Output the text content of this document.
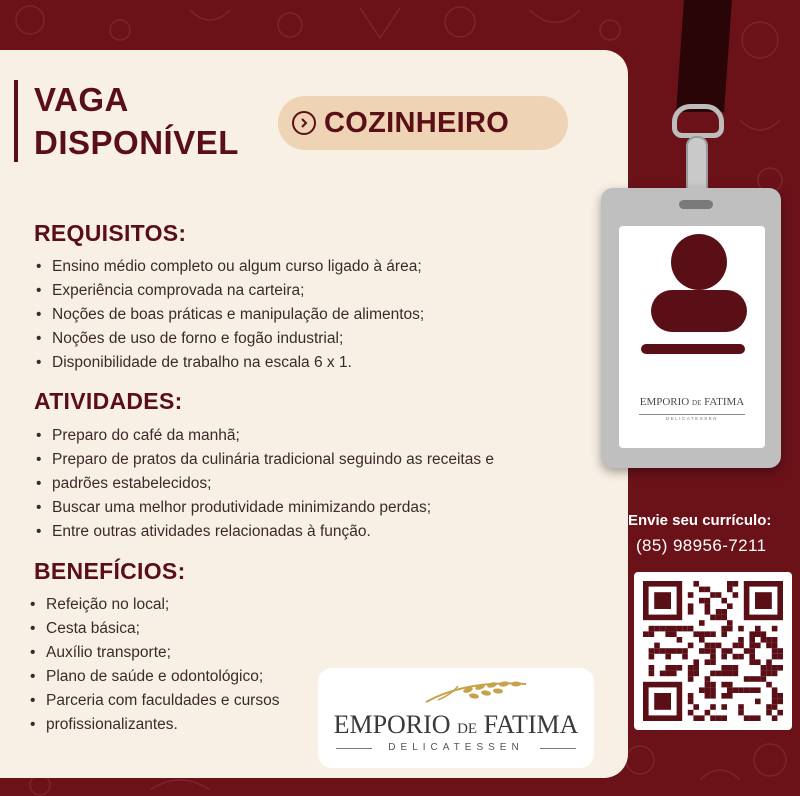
VAGA
DISPONÍVEL
COZINHEIRO
REQUISITOS:
• Ensino médio completo ou algum curso ligado à área;
• Experiência comprovada na carteira;
• Noções de boas práticas e manipulação de alimentos;
• Noções de uso de forno e fogão industrial;
• Disponibilidade de trabalho na escala 6 x 1.
ATIVIDADES:
• Preparo do café da manhã;
• Preparo de pratos da culinária tradicional seguindo as receitas e
• padrões estabelecidos;
• Buscar uma melhor produtividade minimizando perdas;
• Entre outras atividades relacionadas à função.
BENEFÍCIOS:
• Refeição no local;
• Cesta básica;
• Auxílio transporte;
• Plano de saúde e odontológico;
• Parceria com faculdades e cursos
• profissionalizantes.
EMPORIO DE FATIMA
DELICATESSEN
Envie seu currículo:
(85) 98956-7211
EMPORIO DE FATIMA
DELICATESSEN
